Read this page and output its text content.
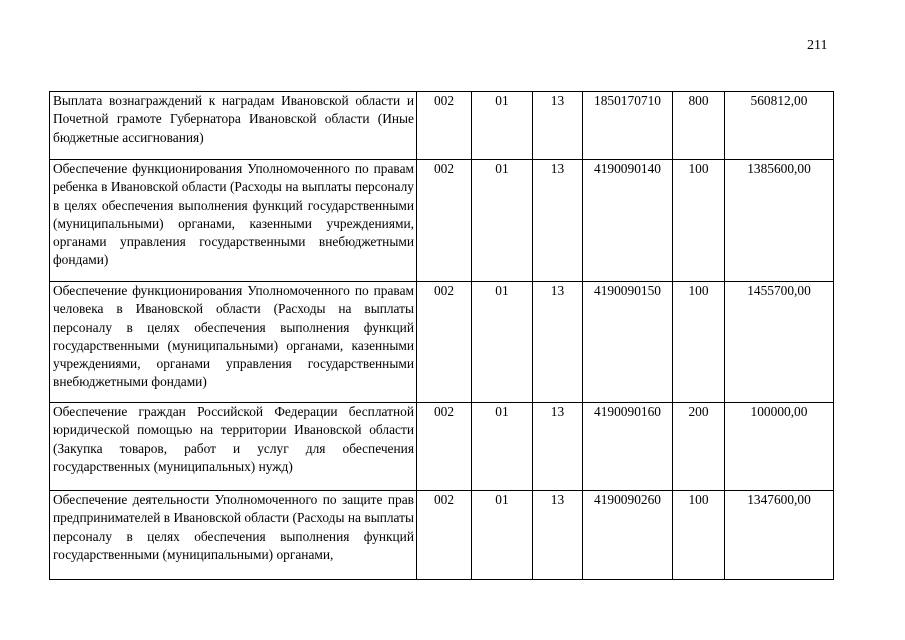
211
Выплата вознаграждений к наградам Ивановской области и Почетной грамоте Губернатора Ивановской области (Иные бюджетные ассигнования)	002	01	13	1850170710	800	560812,00
Обеспечение функционирования Уполномоченного по правам ребенка в Ивановской области (Расходы на выплаты персоналу в целях обеспечения выполнения функций государственными (муниципальными) органами, казенными учреждениями, органами управления государственными внебюджетными фондами)	002	01	13	4190090140	100	1385600,00
Обеспечение функционирования Уполномоченного по правам человека в Ивановской области (Расходы на выплаты персоналу в целях обеспечения выполнения функций государственными (муниципальными) органами, казенными учреждениями, органами управления государственными внебюджетными фондами)	002	01	13	4190090150	100	1455700,00
Обеспечение граждан Российской Федерации бесплатной юридической помощью на территории Ивановской области (Закупка товаров, работ и услуг для обеспечения государственных (муниципальных) нужд)	002	01	13	4190090160	200	100000,00
Обеспечение деятельности Уполномоченного по защите прав предпринимателей в Ивановской области (Расходы на выплаты персоналу в целях обеспечения выполнения функций государственными (муниципальными) органами,	002	01	13	4190090260	100	1347600,00
